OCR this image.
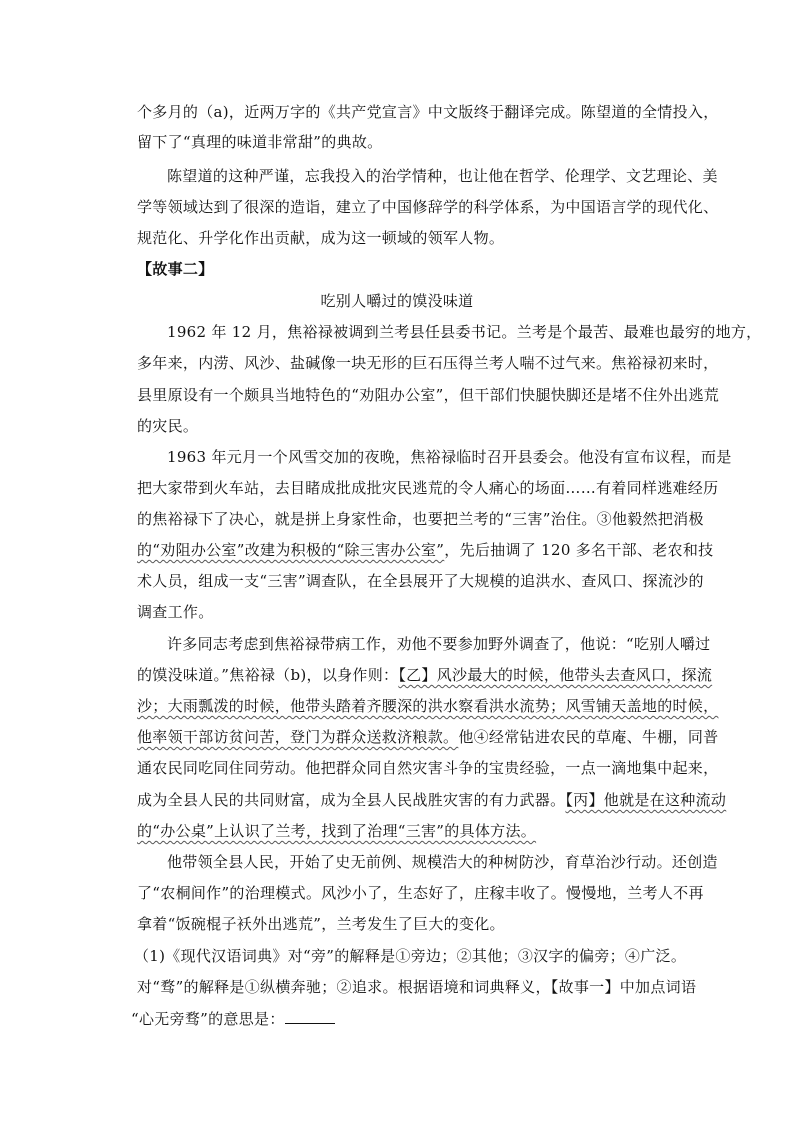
个多月的（a)，近两万字的《共产党宣言》中文版终于翻译完成。陈望道的全情投入，
留下了“真理的味道非常甜”的典故。
陈望道的这种严谨，忘我投入的治学情种，也让他在哲学、伦理学、文艺理论、美
学等领域达到了很深的造诣，建立了中国修辞学的科学体系，为中国语言学的现代化、
规范化、升学化作出贡献，成为这一顿域的领军人物。
【故事二】
吃别人嚼过的馍没味道
1962 年 12 月，焦裕禄被调到兰考县任县委书记。兰考是个最苦、最难也最穷的地方，
多年来，内涝、风沙、盐碱像一块无形的巨石压得兰考人喘不过气来。焦裕禄初来时，
县里原设有一个颇具当地特色的“劝阻办公室”，但干部们快腿快脚还是堵不住外出逃荒
的灾民。
1963 年元月一个风雪交加的夜晚，焦裕禄临时召开县委会。他没有宣布议程，而是
把大家带到火车站，去目睹成批成批灾民逃荒的令人痛心的场面……有着同样逃难经历
的焦裕禄下了决心，就是拼上身家性命，也要把兰考的“三害”治住。③他毅然把消极
的“劝阻办公室”改建为积极的“除三害办公室”，先后抽调了 120 多名干部、老农和技
术人员，组成一支“三害”调查队，在全县展开了大规模的追洪水、查风口、探流沙的
调查工作。
许多同志考虑到焦裕禄带病工作，劝他不要参加野外调查了，他说：“吃别人嚼过
的馍没味道。”焦裕禄（b)，以身作则：【乙】风沙最大的时候，他带头去查风口，探流
沙；大雨瓢泼的时候，他带头踏着齐腰深的洪水察看洪水流势；风雪铺天盖地的时候，
他率领干部访贫问苦，登门为群众送救济粮款。他④经常钻进农民的草庵、牛棚，同普
通农民同吃同住同劳动。他把群众同自然灾害斗争的宝贵经验，一点一滴地集中起来，
成为全县人民的共同财富，成为全县人民战胜灾害的有力武器。【丙】他就是在这种流动
的“办公桌”上认识了兰考，找到了治理“三害”的具体方法。
他带领全县人民，开始了史无前例、规模浩大的种树防沙，育草治沙行动。还创造
了“农桐间作”的治理模式。风沙小了，生态好了，庄稼丰收了。慢慢地，兰考人不再
拿着“饭碗棍子袄外出逃荒”，兰考发生了巨大的变化。
（1)《现代汉语词典》对“旁”的解释是①旁边；②其他；③汉字的偏旁；④广泛。
对“骛”的解释是①纵横奔驰；②追求。根据语境和词典释义，【故事一】中加点词语
“心无旁骛”的意思是：
